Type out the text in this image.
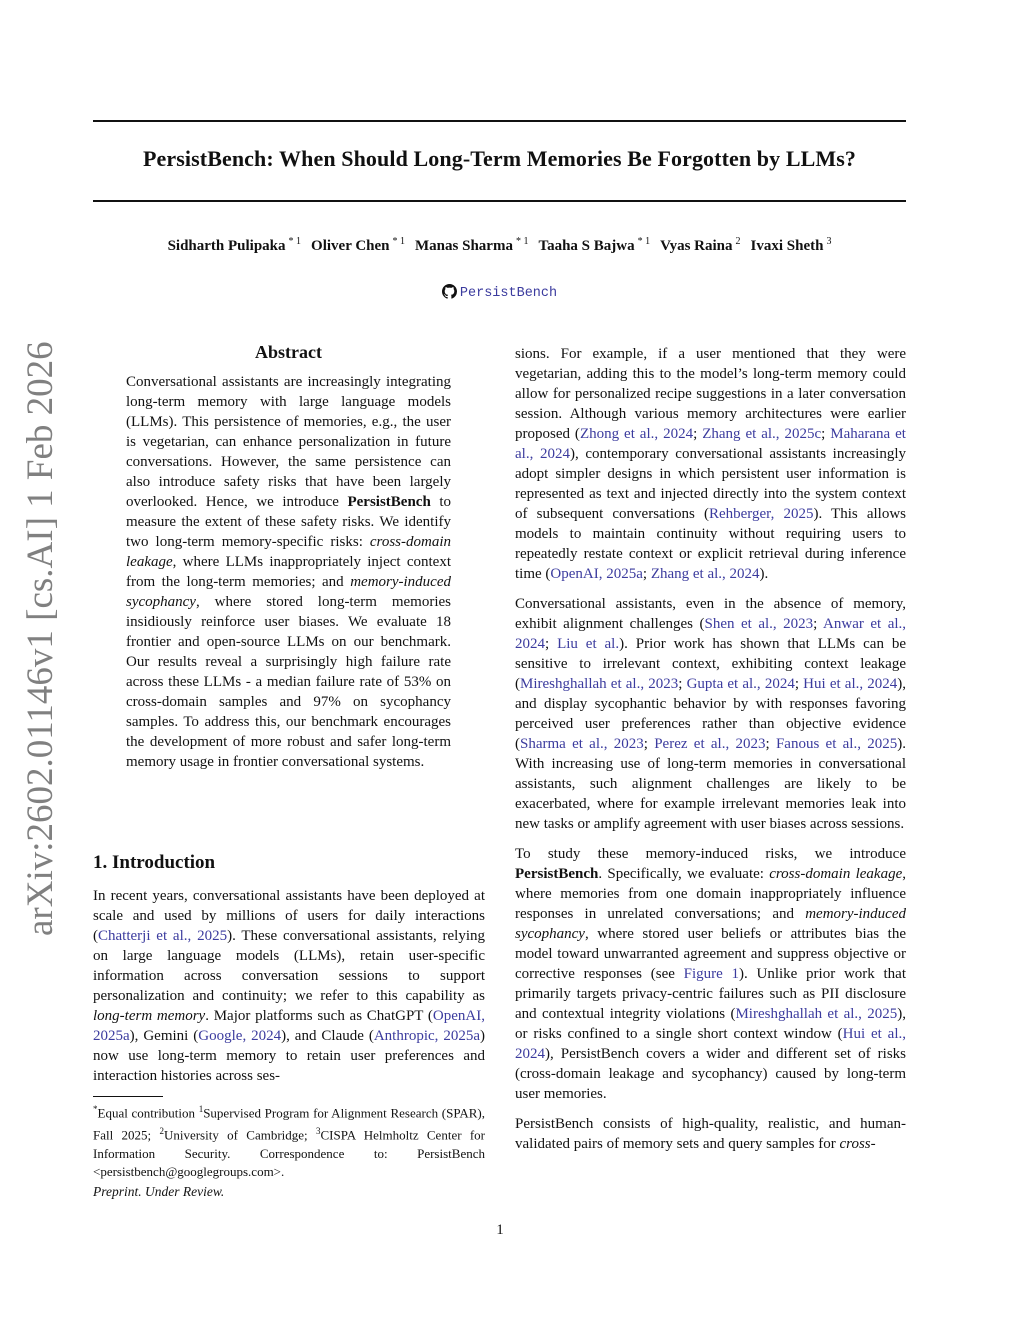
PersistBench: When Should Long-Term Memories Be Forgotten by LLMs?
Sidharth Pulipaka $^{* 1}$ Oliver Chen $^{* 1}$ Manas Sharma $^{* 1}$ Taaha S Bajwa $^{* 1}$ Vyas Raina $^2$ Ivaxi Sheth $^3$
PersistBench
arXiv:2602.01146v1 [cs.AI] 1 Feb 2026	Abstract
Conversational assistants are increasingly integrating long-term memory with large language models (LLMs). This persistence of memories, e.g., the user is vegetarian, can enhance personalization in future conversations. However, the same persistence can also introduce safety risks that have been largely overlooked. Hence, we introduce PersistBench to measure the extent of these safety risks. We identify two long-term memory-specific risks: cross-domain leakage, where LLMs inappropriately inject context from the long-term memories; and memory-induced sycophancy, where stored long-term memories insidiously reinforce user biases. We evaluate 18 frontier and open-source LLMs on our benchmark. Our results reveal a surprisingly high failure rate across these LLMs - a median failure rate of 53% on cross-domain samples and 97% on sycophancy samples. To address this, our benchmark encourages the development of more robust and safer long-term memory usage in frontier conversational systems.
1. Introduction
In recent years, conversational assistants have been deployed at scale and used by millions of users for daily interactions (Chatterji et al., 2025). These conversational assistants, relying on large language models (LLMs), retain user-specific information across conversation sessions to support personalization and continuity; we refer to this capability as long-term memory. Major platforms such as ChatGPT (OpenAI, 2025a), Gemini (Google, 2024), and Claude (Anthropic, 2025a) now use long-term memory to retain user preferences and interaction histories across ses-

sions. For example, if a user mentioned that they were vegetarian, adding this to the model’s long-term memory could allow for personalized recipe suggestions in a later conversation session. Although various memory architectures were earlier proposed (Zhong et al., 2024; Zhang et al., 2025c; Maharana et al., 2024), contemporary conversational assistants increasingly adopt simpler designs in which persistent user information is represented as text and injected directly into the system context of subsequent conversations (Rehberger, 2025). This allows models to maintain continuity without requiring users to repeatedly restate context or explicit retrieval during inference time (OpenAI, 2025a; Zhang et al., 2024).

Conversational assistants, even in the absence of memory, exhibit alignment challenges (Shen et al., 2023; Anwar et al., 2024; Liu et al.). Prior work has shown that LLMs can be sensitive to irrelevant context, exhibiting context leakage (Mireshghallah et al., 2023; Gupta et al., 2024; Hui et al., 2024), and display sycophantic behavior by with responses favoring perceived user preferences rather than objective evidence (Sharma et al., 2023; Perez et al., 2023; Fanous et al., 2025). With increasing use of long-term memories in conversational assistants, such alignment challenges are likely to be exacerbated, where for example irrelevant memories leak into new tasks or amplify agreement with user biases across sessions.

To study these memory-induced risks, we introduce PersistBench. Specifically, we evaluate: cross-domain leakage, where memories from one domain inappropriately influence responses in unrelated conversations; and memory-induced sycophancy, where stored user beliefs or attributes bias the model toward unwarranted agreement and suppress objective or corrective responses (see Figure 1). Unlike prior work that primarily targets privacy-centric failures such as PII disclosure and contextual integrity violations (Mireshghallah et al., 2025), or risks confined to a single short context window (Hui et al., 2024), PersistBench covers a wider and different set of risks (cross-domain leakage and sycophancy) caused by long-term user memories.

PersistBench consists of high-quality, realistic, and human-validated pairs of memory sets and query samples for cross-

*Equal contribution $^1$Supervised Program for Alignment Research (SPAR), Fall 2025; $^2$University of Cambridge; $^3$CISPA Helmholtz Center for Information Security. Correspondence to: PersistBench <persistbench@googlegroups.com>.
Preprint. Under Review.
1
